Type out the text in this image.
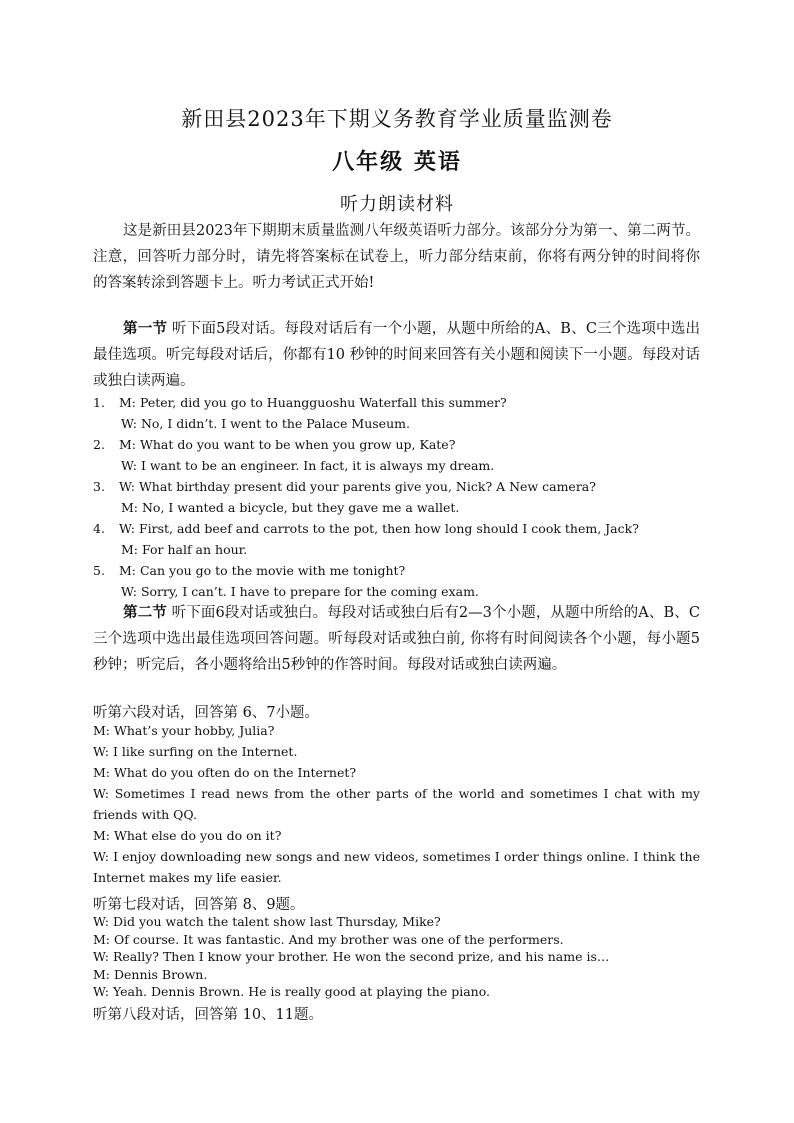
新田县2023年下期义务教育学业质量监测卷
八年级 英语
听力朗读材料
这是新田县2023年下期期末质量监测八年级英语听力部分。该部分分为第一、第二两节。注意，回答听力部分时，请先将答案标在试卷上，听力部分结束前，你将有两分钟的时间将你的答案转涂到答题卡上。听力考试正式开始!
第一节 听下面5段对话。每段对话后有一个小题，从题中所给的A、B、C三个选项中选出最佳选项。听完每段对话后，你都有10 秒钟的时间来回答有关小题和阅读下一小题。每段对话或独白读两遍。
1. M: Peter, did you go to Huangguoshu Waterfall this summer?
W: No, I didn’t. I went to the Palace Museum.
2. M: What do you want to be when you grow up, Kate?
W: I want to be an engineer. In fact, it is always my dream.
3. W: What birthday present did your parents give you, Nick? A New camera?
M: No, I wanted a bicycle, but they gave me a wallet.
4. W: First, add beef and carrots to the pot, then how long should I cook them, Jack?
M: For half an hour.
5. M: Can you go to the movie with me tonight?
W: Sorry, I can’t. I have to prepare for the coming exam.
第二节 听下面6段对话或独白。每段对话或独白后有2—3个小题，从题中所给的A、B、C三个选项中选出最佳选项回答问题。听每段对话或独白前, 你将有时间阅读各个小题，每小题5秒钟；听完后，各小题将给出5秒钟的作答时间。每段对话或独白读两遍。
听第六段对话，回答第 6、7小题。
M: What’s your hobby, Julia?
W: I like surfing on the Internet.
M: What do you often do on the Internet?
W: Sometimes I read news from the other parts of the world and sometimes I chat with my friends with QQ.
M: What else do you do on it?
W: I enjoy downloading new songs and new videos, sometimes I order things online. I think the Internet makes my life easier.
听第七段对话，回答第 8、9题。
W: Did you watch the talent show last Thursday, Mike?
M: Of course. It was fantastic. And my brother was one of the performers.
W: Really? Then I know your brother. He won the second prize, and his name is…
M: Dennis Brown.
W: Yeah. Dennis Brown. He is really good at playing the piano.
听第八段对话，回答第 10、11题。
